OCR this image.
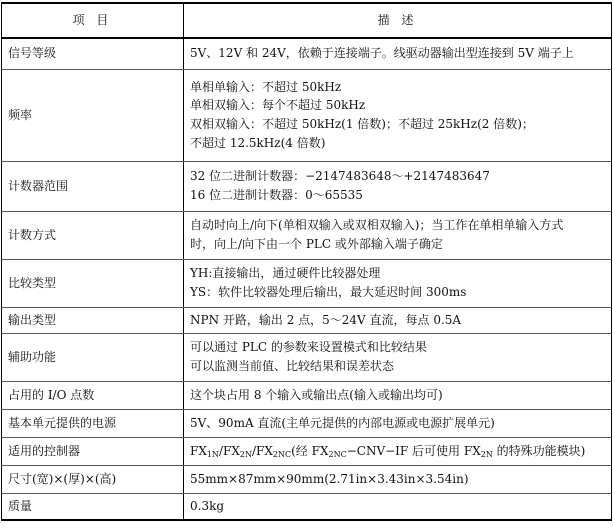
项 目	描 述
信号等级	5V、12V 和 24V，依赖于连接端子。线驱动器输出型连接到 5V 端子上

频率	单相单输入：不超过 50kHz
单相双输入：每个不超过 50kHz
双相双输入：不超过 50kHz(1 倍数)；不超过 25kHz(2 倍数)；
不超过 12.5kHz(4 倍数)

计数器范围	32 位二进制计数器：−2147483648～+2147483647
16 位二进制计数器：0～65535

计数方式	自动时向上/向下(单相双输入或双相双输入)；当工作在单相单输入方式
时，向上/向下由一个 PLC 或外部输入端子确定

比较类型	YH:直接输出，通过硬件比较器处理
YS：软件比较器处理后输出，最大延迟时间 300ms

输出类型	NPN 开路，输出 2 点，5～24V 直流，每点 0.5A

辅助功能	可以通过 PLC 的参数来设置模式和比较结果
可以监测当前值、比较结果和误差状态

占用的 I/O 点数	这个块占用 8 个输入或输出点(输入或输出均可)

基本单元提供的电源	5V、90mA 直流(主单元提供的内部电源或电源扩展单元)

适用的控制器	$FX_{1N}/FX_{2N}/FX_{2NC}$(经 $FX_{2NC}-CNV-IF$ 后可使用 $FX_{2N}$ 的特殊功能模块)

尺寸(宽)×(厚)×(高)	55mm×87mm×90mm(2.71in×3.43in×3.54in)

质量	0.3kg
